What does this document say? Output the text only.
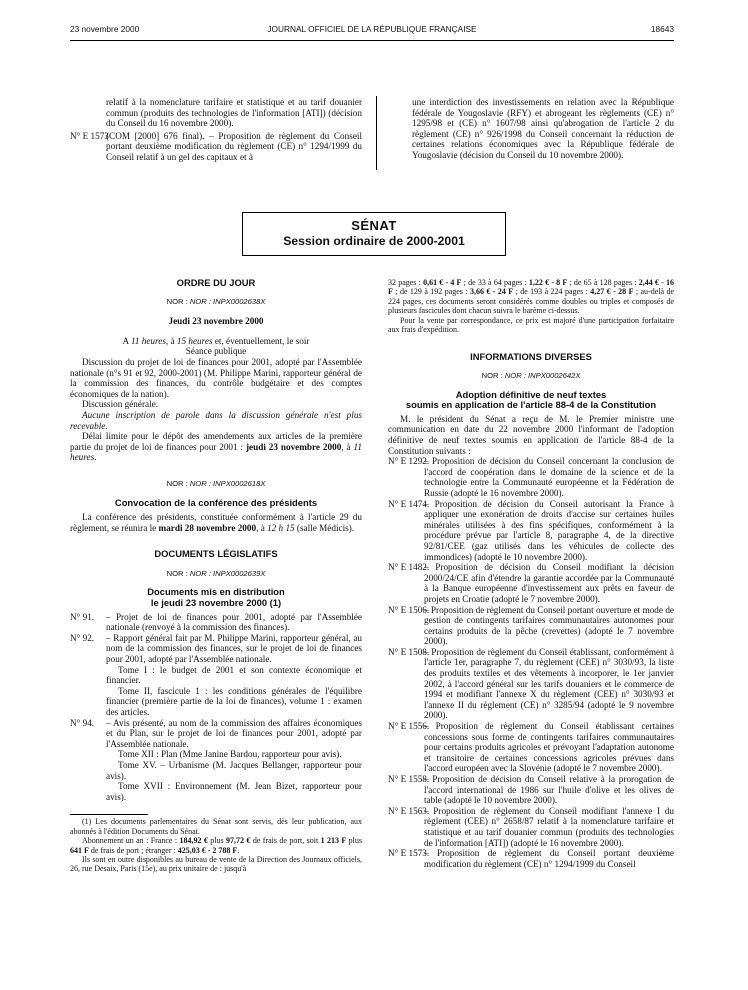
23 novembre 2000	JOURNAL OFFICIEL DE LA RÉPUBLIQUE FRANÇAISE	18643

relatif à la nomenclature tarifaire et statistique et au tarif douanier commun (produits des technologies de l'information [ATI]) (décision du Conseil du 16 novembre 2000).

N° E 1573
(COM [2000] 676 final). – Proposition de règlement du Conseil portant deuxième modification du règlement (CE) n° 1294/1999 du Conseil relatif à un gel des capitaux et à

une interdiction des investissements en relation avec la République fédérale de Yougoslavie (RFY) et abrogeant les règlements (CE) n° 1295/98 et (CE) n° 1607/98 ainsi qu'abrogation de l'article 2 du règlement (CE) n° 926/1998 du Conseil concernant la réduction de certaines relations économiques avec la République fédérale de Yougoslavie (décision du Conseil du 10 novembre 2000).

SÉNAT
Session ordinaire de 2000-2001
ORDRE DU JOUR
NOR : NOR : INPX0002638X
Jeudi 23 novembre 2000
A 11 heures, à 15 heures et, éventuellement, le soir
Séance publique

Discussion du projet de loi de finances pour 2001, adopté par l'Assemblée nationale (n°s 91 et 92, 2000-2001) (M. Philippe Marini, rapporteur général de la commission des finances, du contrôle budgétaire et des comptes économiques de la nation).

Discussion générale.

Aucune inscription de parole dans la discussion générale n'est plus recevable.

Délai limite pour le dépôt des amendements aux articles de la première partie du projet de loi de finances pour 2001 : jeudi 23 novembre 2000, à 11 heures.

NOR : NOR : INPX0002618X
Convocation de la conférence des présidents

La conférence des présidents, constituée conformément à l'article 29 du règlement, se réunira le mardi 28 novembre 2000, à 12 h 15 (salle Médicis).

DOCUMENTS LÉGISLATIFS
NOR : NOR : INPX0002639X
Documents mis en distribution
le jeudi 23 novembre 2000 (1)

N° 91. – Projet de loi de finances pour 2001, adopté par l'Assemblée nationale (renvoyé à la commission des finances).

N° 92. – Rapport général fait par M. Philippe Marini, rapporteur général, au nom de la commission des finances, sur le projet de loi de finances pour 2001, adopté par l'Assemblée nationale.

Tome I : le budget de 2001 et son contexte économique et financier.

Tome II, fascicule 1 : les conditions générales de l'équilibre financier (première partie de la loi de finances), volume 1 : examen des articles.

N° 94. – Avis présenté, au nom de la commission des affaires économiques et du Plan, sur le projet de loi de finances pour 2001, adopté par l'Assemblée nationale.

Tome XII : Plan (Mme Janine Bardou, rapporteur pour avis).

Tome XV. – Urbanisme (M. Jacques Bellanger, rapporteur pour avis).

Tome XVII : Environnement (M. Jean Bizet, rapporteur pour avis).

(1) Les documents parlementaires du Sénat sont servis, dès leur publication, aux abonnés à l'édition Documents du Sénat.

Abonnement un an : France : 184,92 € plus 97,72 € de frais de port, soit 1 213 F plus 641 F de frais de port ; étranger : 425,03 € - 2 788 F.

Ils sont en outre disponibles au bureau de vente de la Direction des Journaux officiels, 26, rue Desaix, Paris (15e), au prix unitaire de : jusqu'à

32 pages : 0,61 € - 4 F ; de 33 à 64 pages : 1,22 € - 8 F ; de 65 à 128 pages : 2,44 € - 16 F ; de 129 à 192 pages : 3,66 € - 24 F ; de 193 à 224 pages : 4,27 € - 28 F ; au-delà de 224 pages, ces documents seront considérés comme doubles ou triples et composés de plusieurs fascicules dont chacun suivra le barème ci-dessus.

Pour la vente par correspondance, ce prix est majoré d'une participation forfaitaire aux frais d'expédition.

INFORMATIONS DIVERSES
NOR : NOR : INPX0002642X
Adoption définitive de neuf textes
soumis en application de l'article 88-4 de la Constitution

M. le président du Sénat a reçu de M. le Premier ministre une communication en date du 22 novembre 2000 l'informant de l'adoption définitive de neuf textes soumis en application de l'article 88-4 de la Constitution suivants :

N° E 1292.
– Proposition de décision du Conseil concernant la conclusion de l'accord de coopération dans le domaine de la science et de la technologie entre la Communauté européenne et la Fédération de Russie (adopté le 16 novembre 2000).

N° E 1474.
– Proposition de décision du Conseil autorisant la France à appliquer une exonération de droits d'accise sur certaines huiles minérales utilisées à des fins spécifiques, conformément à la procédure prévue par l'article 8, paragraphe 4, de la directive 92/81/CEE (gaz utilisés dans les véhicules de collecte des immondices) (adopté le 10 novembre 2000).

N° E 1482.
– Proposition de décision du Conseil modifiant la décision 2000/24/CE afin d'étendre la garantie accordée par la Communauté à la Banque européenne d'investissement aux prêts en faveur de projets en Croatie (adopté le 7 novembre 2000).

N° E 1506.
– Proposition de règlement du Conseil portant ouverture et mode de gestion de contingents tarifaires communautaires autonomes pour certains produits de la pêche (crevettes) (adopté le 7 novembre 2000).

N° E 1508.
– Proposition de règlement du Conseil établissant, conformément à l'article 1er, paragraphe 7, du règlement (CEE) n° 3030/93, la liste des produits textiles et des vêtements à incorporer, le 1er janvier 2002, à l'accord général sur les tarifs douaniers et le commerce de 1994 et modifiant l'annexe X du règlement (CEE) n° 3030/93 et l'annexe II du règlement (CE) n° 3285/94 (adopté le 9 novembre 2000).

N° E 1556.
– Proposition de règlement du Conseil établissant certaines concessions sous forme de contingents tarifaires communautaires pour certains produits agricoles et prévoyant l'adaptation autonome et transitoire de certaines concessions agricoles prévues dans l'accord européen avec la Slovénie (adopté le 7 novembre 2000).

N° E 1558.
– Proposition de décision du Conseil relative à la prorogation de l'accord international de 1986 sur l'huile d'olive et les olives de table (adopté le 10 novembre 2000).

N° E 1563.
– Proposition de règlement du Conseil modifiant l'annexe I du règlement (CEE) n° 2658/87 relatif à la nomenclature tarifaire et statistique et au tarif douanier commun (produits des technologies de l'information [ATI]) (adopté le 16 novembre 2000).

N° E 1573.
– Proposition de règlement du Conseil portant deuxième modification du règlement (CE) n° 1294/1999 du Conseil
